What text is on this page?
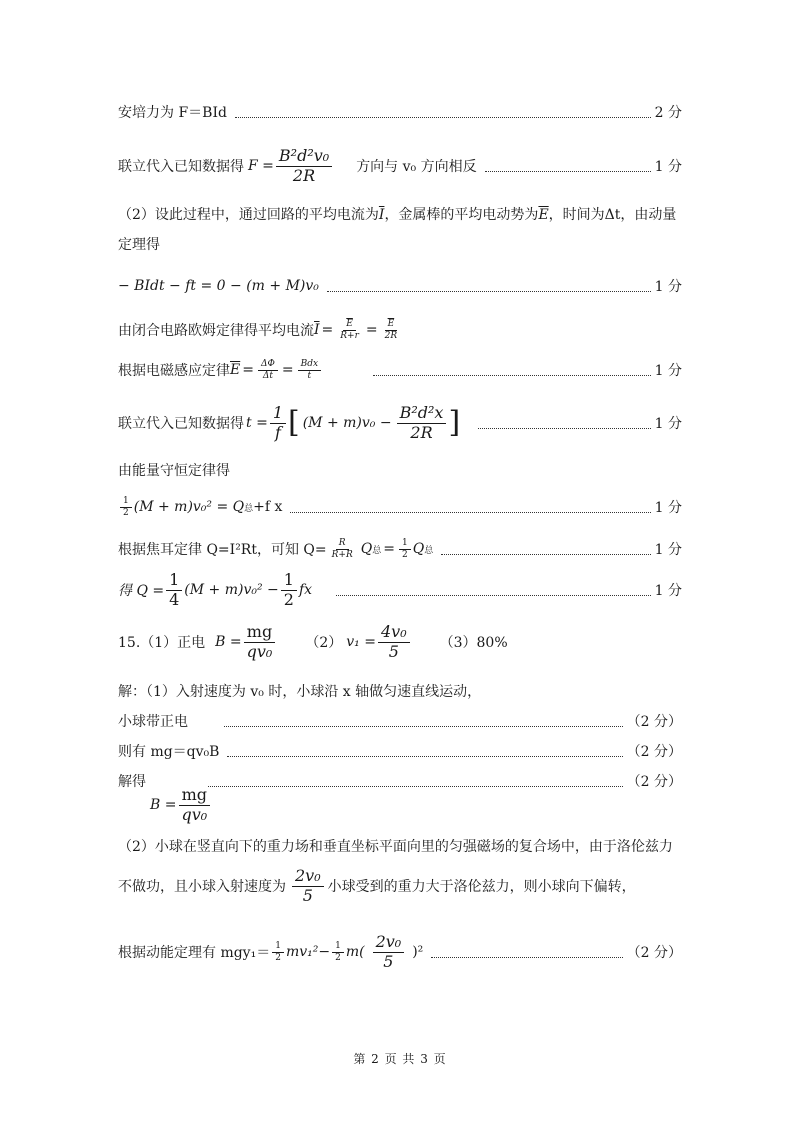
安培力为 F＝BId	2 分
联立代入已知数据得 $F = \frac{\text{B²d²v₀}}{2R}$ 方向与 v₀ 方向相反	1 分
（2）设此过程中，通过回路的平均电流为$\overline{I}$，金属棒的平均电动势为$\overline{E}$，时间为Δt，由动量
定理得
− BIdt − ft = 0 − (m + M)v₀	1 分
由闭合电路欧姆定律得平均电流 $\overline{I} = \frac{\overline{E}}{R+r} = \frac{\overline{E}}{2R}$
根据电磁感应定律 $\overline{E} = \frac{\Delta\Phi}{\Delta t} = \frac{\text{Bdx}}{t}$	1 分
联立代入已知数据得 $t = \frac{1}{f}$ [ $(M + m)v_0 - \frac{\text{B²d²x}}{2R}$ ]	1 分
由能量守恒定律得
$\frac{1}{2} (M + m)v_0^2 = Q$ 总 +f x	1 分
根据焦耳定律 Q=I²Rt，可知 $Q= \frac{R}{R+R}$ Q 总 = $\frac{1}{2}$ Q 总	1 分
得 $Q = \frac{1}{4} (M + m)v_0^2 - \frac{1}{2}$ fx	1 分
15.（1）正电 $B = \frac{mg}{\text{qv₀}} (2) v_1 = \frac{\text{4v₀}}{5} (3)80\%$
解：（1）入射速度为 v₀ 时，小球沿 x 轴做匀速直线运动，
小球带正电	（2 分）
则有 mg＝qv₀B	（2 分）
解得	（2 分）
$B = \frac{mg}{\text{qv₀}}$
（2）小球在竖直向下的重力场和垂直坐标平面向里的匀强磁场的复合场中，由于洛伦兹力
不做功，且小球入射速度为 $\frac{\text{2v₀}}{5}$ 小球受到的重力大于洛伦兹力，则小球向下偏转，
根据动能定理有 $mgy_1= \frac{1}{2} mv_1^2- \frac{1}{2} m( \frac{\text{2v₀}}{5} )^2$	（2 分）
第 2 页 共 3 页
